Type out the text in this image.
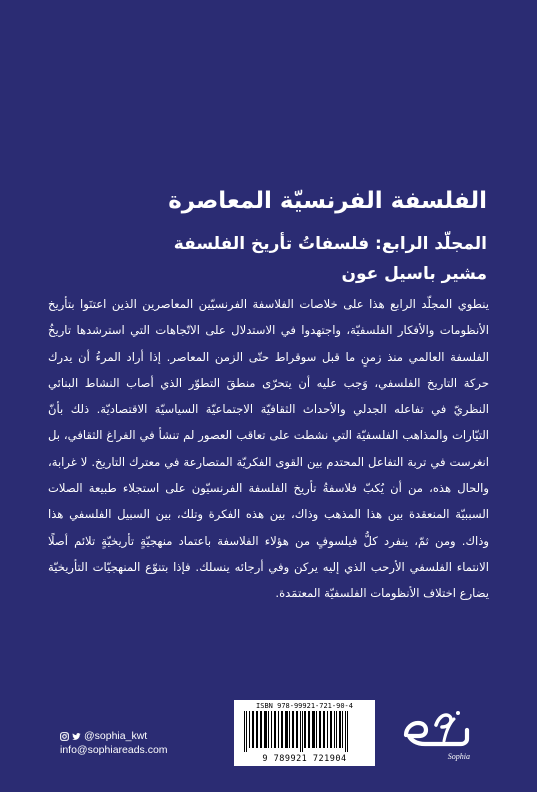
الفلسفة الفرنسيّة المعاصرة
المجلّد الرابع: فلسفاتُ تأريخ الفلسفة
مشير باسيل عون
ينطوي المجلّد الرابع هذا على خلاصات الفلاسفة الفرنسيّين المعاصرين الذين اعتنَوا بتأريخ الأنظومات والأفكار الفلسفيّة، واجتهدوا في الاستدلال على الاتّجاهات التي استرشدها تاريخُ الفلسفة العالمي منذ زمنٍ ما قبل سوقراط حتّى الزمن المعاصر. إذا أراد المرءُ أن يدرك حركة التاريخ الفلسفي، وَجب عليه أن يتحرّى منطقَ التطوّر الذي أصاب النشاط البنائي النظريّ في تفاعله الجدلي والأحداث الثقافيّة الاجتماعيّة السياسيّة الاقتصاديّة. ذلك بأنّ التيّارات والمذاهب الفلسفيّة التي نشطت على تعاقب العصور لم تنشأ في الفراغ الثقافي، بل انغرست في تربة التفاعل المحتدم بين القوى الفكريّة المتصارعة في معترك التاريخ. لا غرابة، والحال هذه، من أن يُكبّ فلاسفةُ تأريخ الفلسفة الفرنسيّون على استجلاء طبيعة الصلات السببيّة المنعقدة بين هذا المذهب وذاك، بين هذه الفكرة وتلك، بين السبيل الفلسفي هذا وذاك. ومن ثمّ، ينفرد كلُّ فيلسوفٍ من هؤلاء الفلاسفة باعتماد منهجيّةٍ تأريخيّةٍ تلائم أصلًا الانتماء الفلسفي الأرحب الذي إليه يركن وفي أرجائه ينسلك. فإذا بتنوّع المنهجيّات التأريخيّة يضارع اختلاف الأنظومات الفلسفيّة المعتمَدة.
@sophia_kwt
info@sophiareads.com
ISBN 978-99921-721-90-4
9 789921 721904	Sophia
